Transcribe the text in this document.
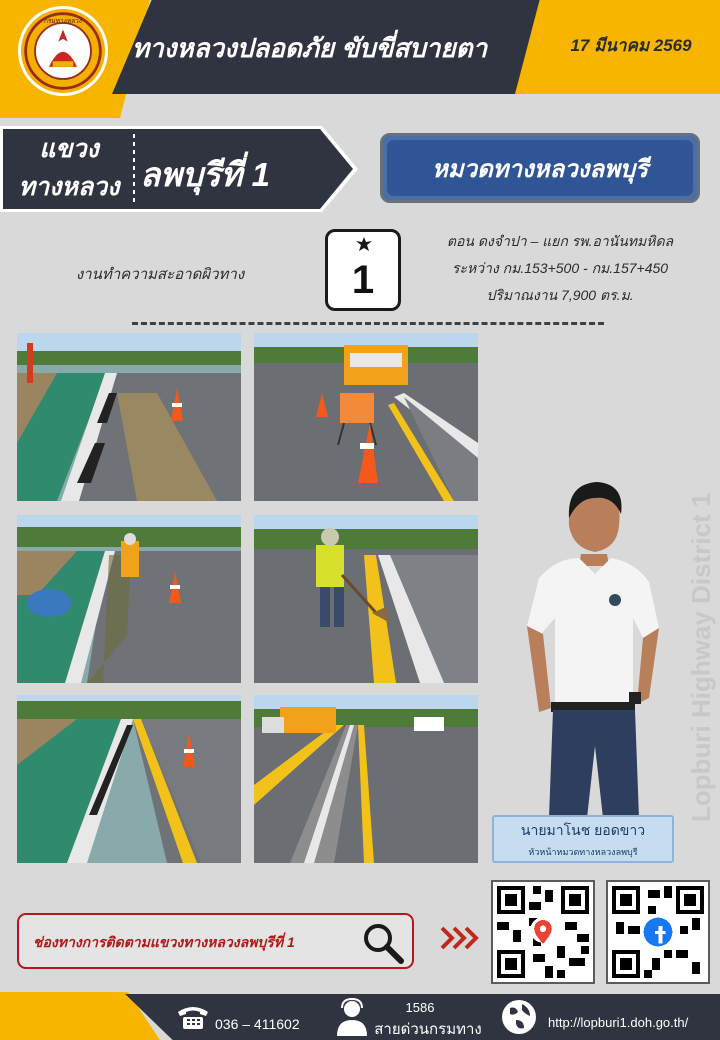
กรมทางหลวง
ทางหลวงปลอดภัย ขับขี่สบายตา	17 มีนาคม 2569
แขวง
ทางหลวง ลพบุรีที่ 1	หมวดทางหลวงลพบุรี
งานทำความสะอาดผิวทาง	1
ตอน ดงจำปา – แยก รพ.อานันทมหิดล
ระหว่าง กม.153+500 - กม.157+450
ปริมาณงาน 7,900 ตร.ม.
Lopburi Highway District 1
นายมาโนช ยอดขาว
หัวหน้าหมวดทางหลวงลพบุรี
ช่องทางการติดตามแขวงทางหลวงลพบุรีที่ 1
036 – 411602
1586
สายด่วนกรมทาง	http://lopburi1.doh.go.th/
